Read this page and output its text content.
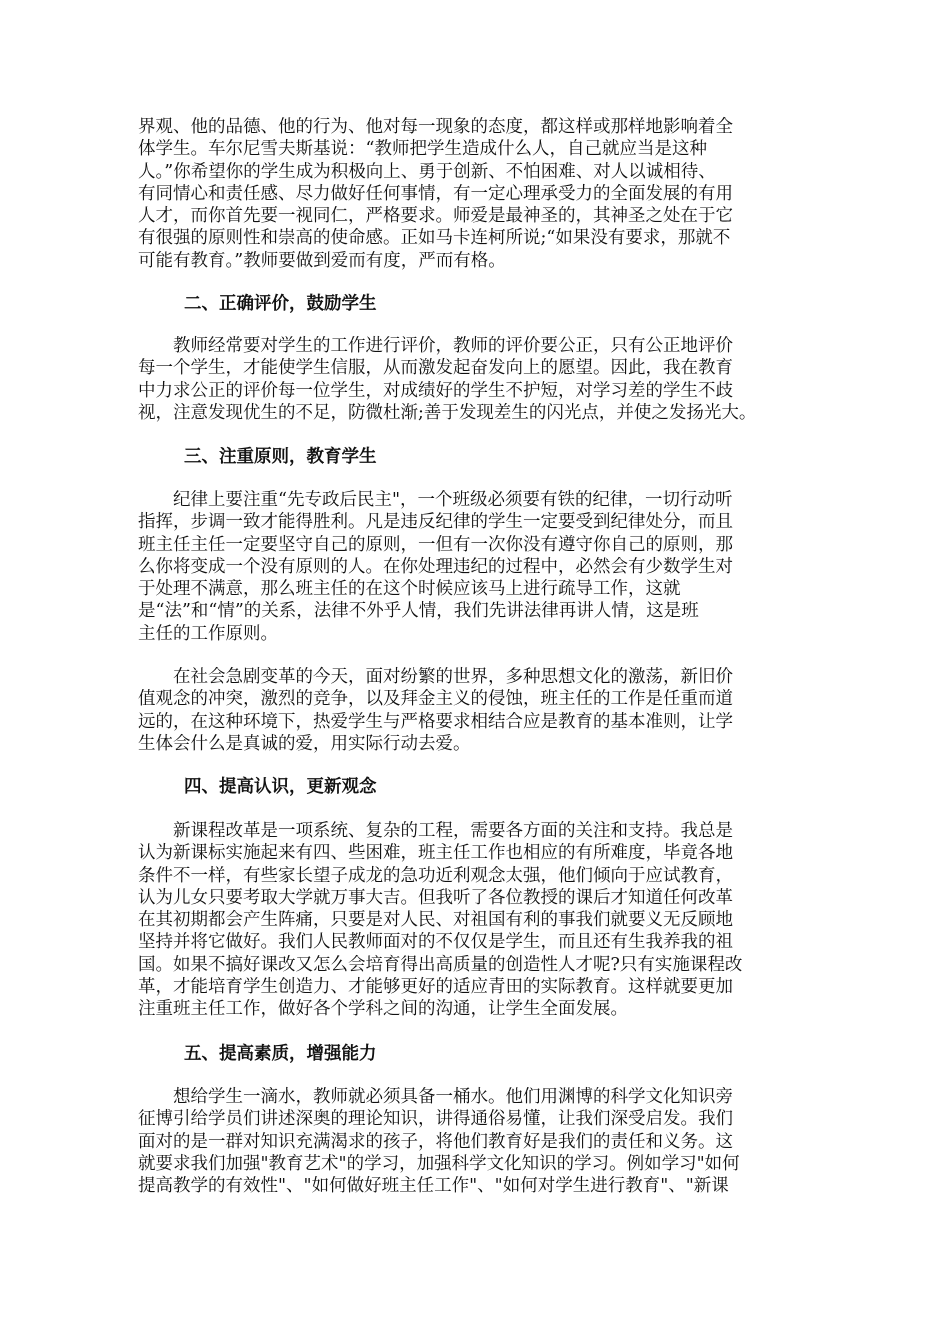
界观、他的品德、他的行为、他对每一现象的态度，都这样或那样地影响着全
体学生。车尔尼雪夫斯基说：“教师把学生造成什么人，自己就应当是这种
人。”你希望你的学生成为积极向上、勇于创新、不怕困难、对人以诚相待、
有同情心和责任感、尽力做好任何事情，有一定心理承受力的全面发展的有用
人才，而你首先要一视同仁，严格要求。师爱是最神圣的，其神圣之处在于它
有很强的原则性和崇高的使命感。正如马卡连柯所说;“如果没有要求，那就不
可能有教育。”教师要做到爱而有度，严而有格。
二、正确评价，鼓励学生
　　教师经常要对学生的工作进行评价，教师的评价要公正，只有公正地评价
每一个学生，才能使学生信服，从而激发起奋发向上的愿望。因此，我在教育
中力求公正的评价每一位学生，对成绩好的学生不护短，对学习差的学生不歧
视，注意发现优生的不足，防微杜渐;善于发现差生的闪光点，并使之发扬光大。
三、注重原则，教育学生
　　纪律上要注重“先专政后民主"，一个班级必须要有铁的纪律，一切行动听
指挥，步调一致才能得胜利。凡是违反纪律的学生一定要受到纪律处分，而且
班主任主任一定要坚守自己的原则，一但有一次你没有遵守你自己的原则，那
么你将变成一个没有原则的人。在你处理违纪的过程中，必然会有少数学生对
于处理不满意，那么班主任的在这个时候应该马上进行疏导工作，这就
是“法”和“情”的关系，法律不外乎人情，我们先讲法律再讲人情，这是班
主任的工作原则。
　　在社会急剧变革的今天，面对纷繁的世界，多种思想文化的激荡，新旧价
值观念的冲突，激烈的竞争，以及拜金主义的侵蚀，班主任的工作是任重而道
远的，在这种环境下，热爱学生与严格要求相结合应是教育的基本准则，让学
生体会什么是真诚的爱，用实际行动去爱。
四、提高认识，更新观念
　　新课程改革是一项系统、复杂的工程，需要各方面的关注和支持。我总是
认为新课标实施起来有四、些困难，班主任工作也相应的有所难度，毕竟各地
条件不一样，有些家长望子成龙的急功近利观念太强，他们倾向于应试教育，
认为儿女只要考取大学就万事大吉。但我听了各位教授的课后才知道任何改革
在其初期都会产生阵痛，只要是对人民、对祖国有利的事我们就要义无反顾地
坚持并将它做好。我们人民教师面对的不仅仅是学生，而且还有生我养我的祖
国。如果不搞好课改又怎么会培育得出高质量的创造性人才呢?只有实施课程改
革，才能培育学生创造力、才能够更好的适应青田的实际教育。这样就要更加
注重班主任工作，做好各个学科之间的沟通，让学生全面发展。
五、提高素质，增强能力
　　想给学生一滴水，教师就必须具备一桶水。他们用渊博的科学文化知识旁
征博引给学员们讲述深奥的理论知识，讲得通俗易懂，让我们深受启发。我们
面对的是一群对知识充满渴求的孩子，将他们教育好是我们的责任和义务。这
就要求我们加强"教育艺术"的学习，加强科学文化知识的学习。例如学习"如何
提高教学的有效性"、"如何做好班主任工作"、"如何对学生进行教育"、"新课
